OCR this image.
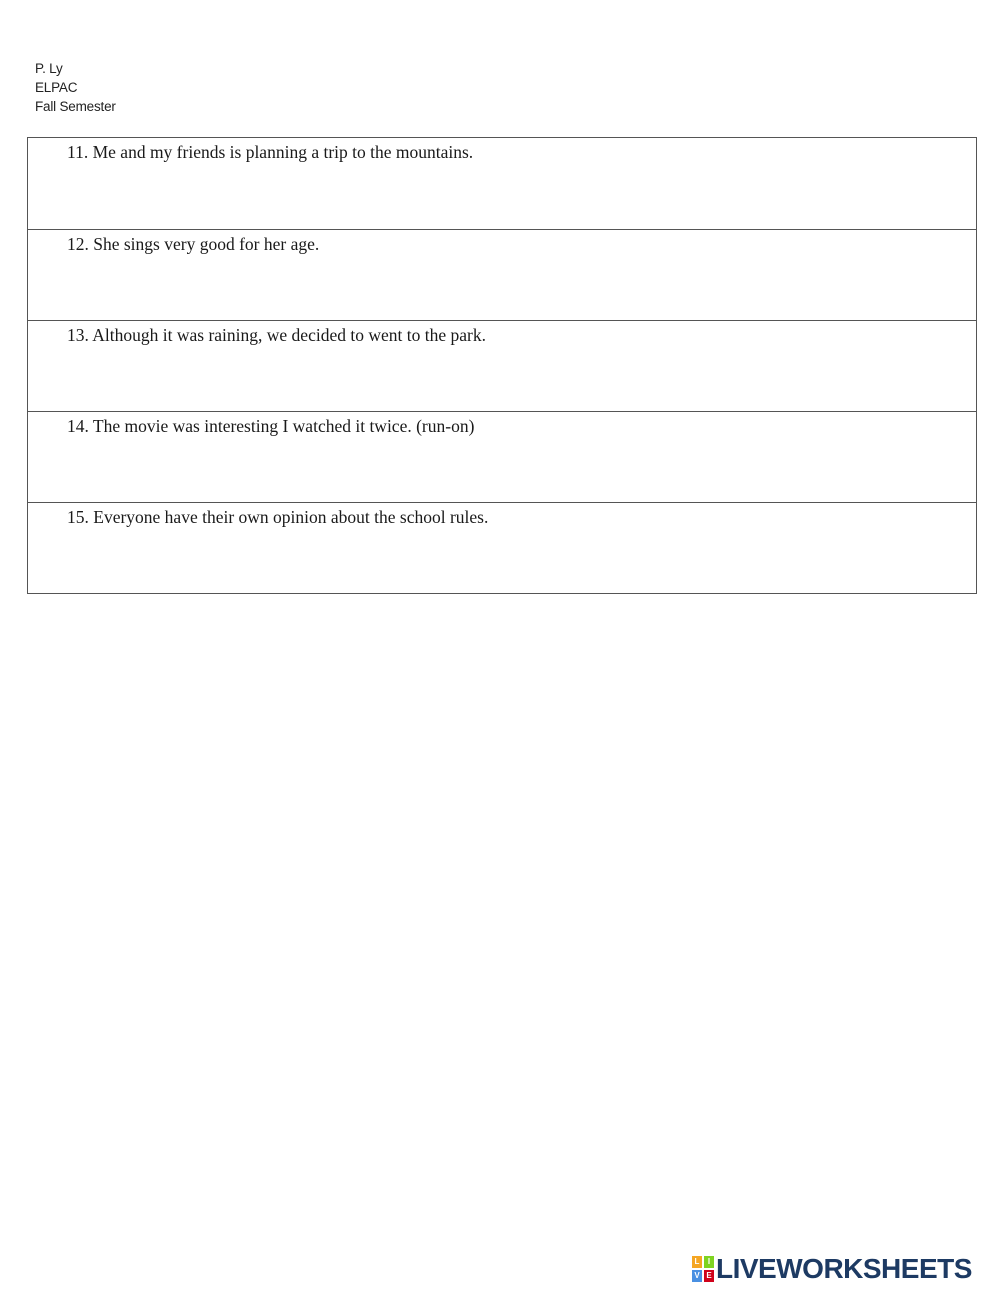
P. Ly
ELPAC
Fall Semester
11. Me and my friends is planning a trip to the mountains.
12. She sings very good for her age.
13. Although it was raining, we decided to went to the park.
14. The movie was interesting I watched it twice. (run-on)
15. Everyone have their own opinion about the school rules.
L	I
V E LIVEWORKSHEETS
